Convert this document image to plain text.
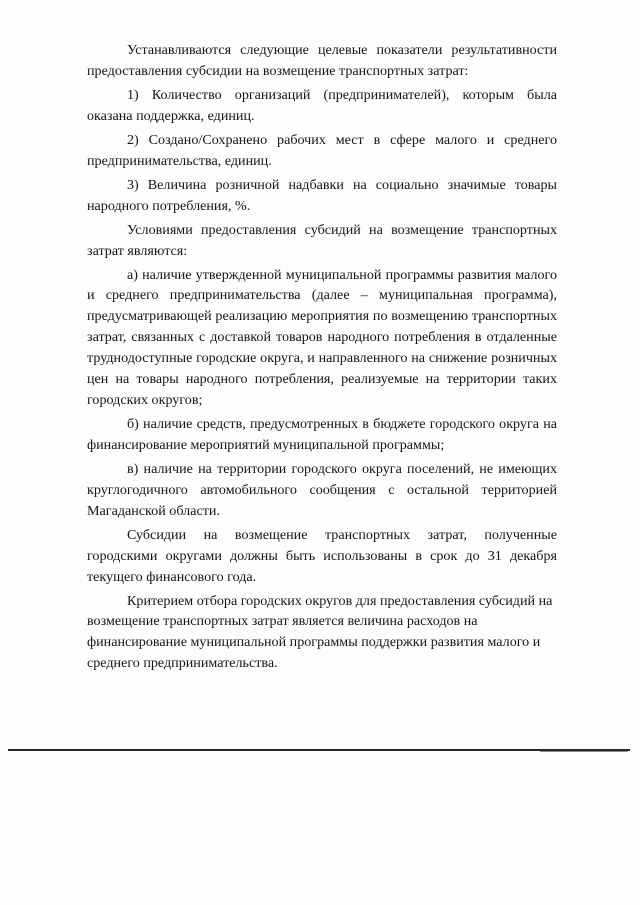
Устанавливаются следующие целевые показатели результативности предоставления субсидии на возмещение транспортных затрат:

1) Количество организаций (предпринимателей), которым была оказана поддержка, единиц.

2) Создано/Сохранено рабочих мест в сфере малого и среднего предпринимательства, единиц.

3) Величина розничной надбавки на социально значимые товары народного потребления, %.

Условиями предоставления субсидий на возмещение транспортных затрат являются:

а) наличие утвержденной муниципальной программы развития малого и среднего предпринимательства (далее – муниципальная программа), предусматривающей реализацию мероприятия по возмещению транспортных затрат, связанных с доставкой товаров народного потребления в отдаленные труднодоступные городские округа, и направленного на снижение розничных цен на товары народного потребления, реализуемые на территории таких городских округов;

б) наличие средств, предусмотренных в бюджете городского округа на финансирование мероприятий муниципальной программы;

в) наличие на территории городского округа поселений, не имеющих круглогодичного автомобильного сообщения с остальной территорией Магаданской области.

Субсидии на возмещение транспортных затрат, полученные городскими округами должны быть использованы в срок до 31 декабря текущего финансового года.

Критерием отбора городских округов для предоставления субсидий на возмещение транспортных затрат является величина расходов на финансирование муниципальной программы поддержки развития малого и среднего предпринимательства.
